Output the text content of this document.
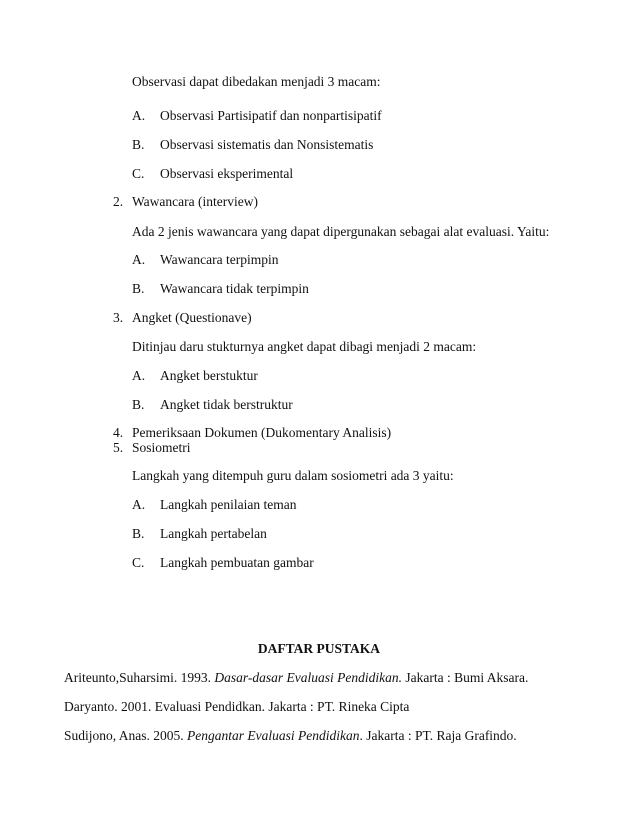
Observasi dapat dibedakan menjadi 3 macam:
A. Observasi Partisipatif dan nonpartisipatif
B. Observasi sistematis dan Nonsistematis
C. Observasi eksperimental
2. Wawancara (interview)
Ada 2 jenis wawancara yang dapat dipergunakan sebagai alat evaluasi. Yaitu:
A. Wawancara terpimpin
B. Wawancara tidak terpimpin
3. Angket (Questionave)
Ditinjau daru stukturnya angket dapat dibagi menjadi 2 macam:
A. Angket berstuktur
B. Angket tidak berstruktur
4. Pemeriksaan Dokumen (Dukomentary Analisis)
5. Sosiometri
Langkah yang ditempuh guru dalam sosiometri ada 3 yaitu:
A. Langkah penilaian teman
B. Langkah pertabelan
C. Langkah pembuatan gambar
DAFTAR PUSTAKA
Ariteunto,Suharsimi. 1993. Dasar-dasar Evaluasi Pendidikan. Jakarta : Bumi Aksara.
Daryanto. 2001. Evaluasi Pendidkan. Jakarta : PT. Rineka Cipta
Sudijono, Anas. 2005. Pengantar Evaluasi Pendidikan. Jakarta : PT. Raja Grafindo.
